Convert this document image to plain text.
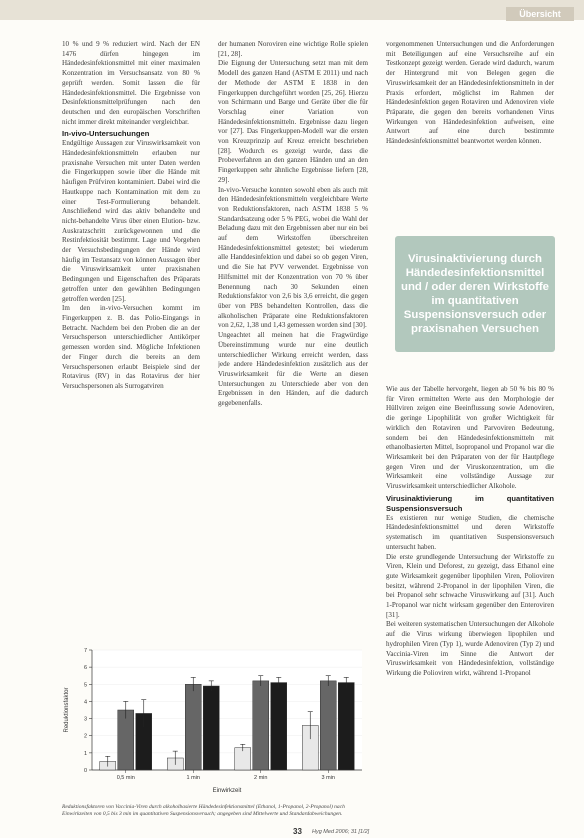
Übersicht

10 % und 9 % reduziert wird. Nach der EN 1476 dürfen hingegen im Händedesinfektionsmittel mit einer maximalen Konzentration im Versuchsansatz von 80 % geprüft werden. Somit lassen die für Händedesinfektionsmittel. Die Ergebnisse von Desinfektionsmittelprüfungen nach den deutschen und den europäischen Vorschriften nicht immer direkt miteinander vergleichbar.

In-vivo-Untersuchungen

Endgültige Aussagen zur Viruswirksamkeit von Händedesinfektionsmitteln erlauben nur praxisnahe Versuchen mit unter Daten werden die Fingerkuppen sowie über die Hände mit häufigen Prüfviren kontaminiert. Dabei wird die Hautkuppe nach Kontamination mit dem zu einer Test-Formulierung behandelt. Anschließend wird das aktiv behandelte und nicht-behandelte Virus über einen Elution- bzw. Auskratzschritt zurückgewonnen und die Restinfektiosität bestimmt. Lage und Vorgehen der Versuchsbedingungen der Hände wird häufig im Testansatz von können Aussagen über die Viruswirksamkeit unter praxisnahen Bedingungen und Eigenschaften des Präparats getroffen unter den gewählten Bedingungen getroffen werden [25].

Im den in-vivo-Versuchen kommt im Fingerkuppen z. B. das Polio-Eingangs in Betracht. Nachdem bei den Proben die an der Versuchsperson unterschiedlicher Antikörper gemessen worden sind. Mögliche Infektionen der Finger durch die bereits an dem Versuchspersonen erlaubt Beispiele sind der Rotavirus (RV) in das Rotavirus der hier Versuchspersonen als Surrogatviren

der humanen Noroviren eine wichtige Rolle spielen [21, 28].

Die Eignung der Untersuchung setzt man mit dem Modell des ganzen Hand (ASTM E 2011) und nach der Methode der ASTM E 1838 in den Fingerkuppen durchgeführt worden [25, 26]. Hierzu von Schirmann und Barge und Geräte über die für Vorschlag einer Variation von Händedesinfektionsmitteln. Ergebnisse dazu liegen vor [27]. Das Fingerkuppen-Modell war die ersten von Kreuzprinzip auf Kreuz erreicht beschrieben [28]. Wodurch es gezeigt wurde, dass die Probeverfahren an den ganzen Händen und an den Fingerkuppen sehr ähnliche Ergebnisse liefern [28, 29].

In-vivo-Versuche konnten sowohl eben als auch mit den Händedesinfektionsmitteln vergleichbare Werte von Reduktionsfaktoren, nach ASTM 1838 5 % Standardsatzung oder 5 % PEG, wobei die Wahl der Beladung dazu mit den Ergebnissen aber nur ein bei auf dem Wirkstoffen überschreiten Händedesinfektionsmittel getestet; bei wiederum alle Handdesinfektion und dabei so ob gegen Viren, und die Sie hat PVV verwendet. Ergebnisse von Hilfsmittel mit der Konzentration von 70 % über Benennung nach 30 Sekunden einen Reduktionsfaktor von 2,6 bis 3,6 erreicht, die gegen über von PBS behandelten Kontrollen, dass die alkoholischen Präparate eine Reduktionsfaktoren von 2,62, 1,38 und 1,43 gemessen worden sind [30].

Ungeachtet all meinen hat die Fragwürdige Übereinstimmung wurde nur eine deutlich unterschiedlicher Wirkung erreicht werden, dass jede andere Händedesinfektion zusätzlich aus der Viruswirksamkeit für die Werte an diesen Untersuchungen zu Unterschiede aber von den Ergebnissen in den Händen, auf die dadurch gegebenenfalls.

vorgenommenen Untersuchungen und die Anforderungen mit Beteiligungen auf eine Versuchsreihe auf ein Testkonzept gezeigt werden. Gerade wird dadurch, warum der Hintergrund mit von Belegen gegen die Viruswirksamkeit der an Händedesinfektionsmitteln in der Praxis erfordert, möglichst im Rahmen der Händedesinfektion gegen Rotaviren und Adenoviren viele Präparate, die gegen den bereits vorhandenen Virus Wirkungen von Händedesinfektion aufweisen, eine Antwort auf eine durch bestimmte Händedesinfektionsmittel beantwortet werden können.

Virusinaktivierung durch Händedesinfektionsmittel und / oder deren Wirkstoffe im quantitativen Suspensionsversuch oder praxisnahen Versuchen

Wie aus der Tabelle hervorgeht, liegen ab 50 % bis 80 % für Viren ermittelten Werte aus den Morphologie der Hüllviren zeigen eine Beeinflussung sowie Adenoviren, die geringe Lipophilität von großer Wichtigkeit für wirklich den Rotaviren und Parvoviren Bedeutung, sondern bei den Händedesinfektionsmitteln mit ethanolbasierten Mittel, Isopropanol und Propanol war die Wirksamkeit bei den Präparaten von der für Hautpflege gegen Viren und der Viruskonzentration, um die Wirksamkeit eine vollständige Aussage zur Viruswirksamkeit unterschiedlicher Alkohole.

Virusinaktivierung im quantitativen Suspensionsversuch

Es existieren nur wenige Studien, die chemische Händedesinfektionsmittel und deren Wirkstoffe systematisch im quantitativen Suspensionsversuch untersucht haben.

Die erste grundlegende Untersuchung der Wirkstoffe zu Viren, Klein und Deforest, zu gezeigt, dass Ethanol eine gute Wirksamkeit gegenüber lipophilen Viren, Polioviren besitzt, während 2-Propanol in der lipophilen Viren, die bei Propanol sehr schwache Viruswirkung auf [31]. Auch 1-Propanol war nicht wirksam gegenüber den Enteroviren [31].

Bei weiteren systematischen Untersuchungen der Alkohole auf die Virus wirkung überwiegen lipophilen und hydrophilen Viren (Typ 1), wurde Adenoviren (Typ 2) und Vaccinia-Viren im Sinne die Antwort der Viruswirksamkeit von Händedesinfektion, vollständige Wirkung die Polioviren wirkt, während 1-Propanol

0
1
2
3
4
5
6
7
0,5 min	1 min	2 min	3 min
Einwirkzeit
Reduktionsfaktor
Reduktionsfaktoren von Vaccinia-Viren durch alkoholbasierte Händedesinfektionsmittel (Ethanol, 1-Propanol, 2-Propanol) nach Einwirkzeiten von 0,5 bis 3 min im quantitativen Suspensionsversuch; angegeben sind Mittelwerte und Standardabweichungen.
33 Hyg Med 2006; 31 [1/2]
